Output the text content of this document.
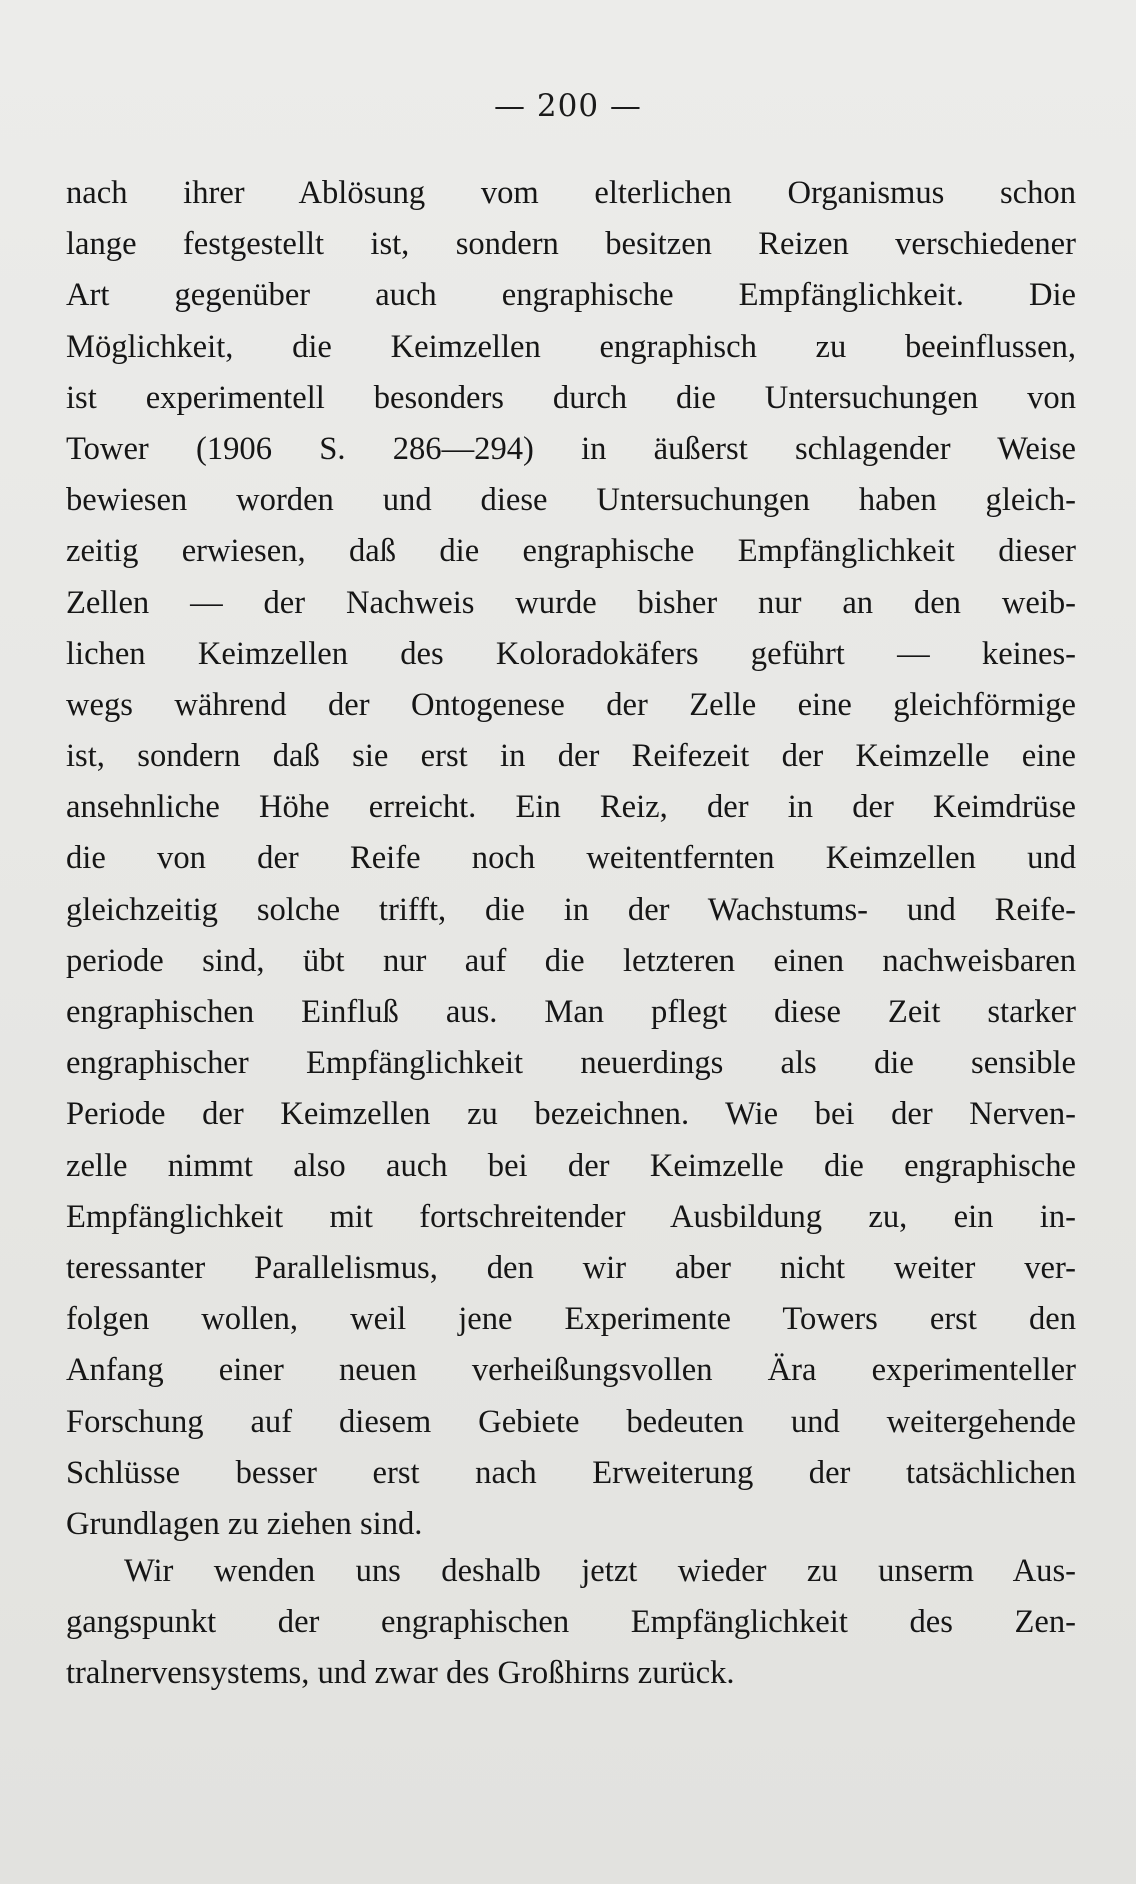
— 200 —
nach ihrer Ablösung vom elterlichen Organismus schon
lange festgestellt ist, sondern besitzen Reizen verschiedener
Art gegenüber auch engraphische Empfänglichkeit. Die
Möglichkeit, die Keimzellen engraphisch zu beeinflussen,
ist experimentell besonders durch die Untersuchungen von
Tower (1906 S. 286—294) in äußerst schlagender Weise
bewiesen worden und diese Untersuchungen haben gleich-
zeitig erwiesen, daß die engraphische Empfänglichkeit dieser
Zellen — der Nachweis wurde bisher nur an den weib-
lichen Keimzellen des Koloradokäfers geführt — keines-
wegs während der Ontogenese der Zelle eine gleichförmige
ist, sondern daß sie erst in der Reifezeit der Keimzelle eine
ansehnliche Höhe erreicht. Ein Reiz, der in der Keimdrüse
die von der Reife noch weitentfernten Keimzellen und
gleichzeitig solche trifft, die in der Wachstums- und Reife-
periode sind, übt nur auf die letzteren einen nachweisbaren
engraphischen Einfluß aus. Man pflegt diese Zeit starker
engraphischer Empfänglichkeit neuerdings als die sensible
Periode der Keimzellen zu bezeichnen. Wie bei der Nerven-
zelle nimmt also auch bei der Keimzelle die engraphische
Empfänglichkeit mit fortschreitender Ausbildung zu, ein in-
teressanter Parallelismus, den wir aber nicht weiter ver-
folgen wollen, weil jene Experimente Towers erst den
Anfang einer neuen verheißungsvollen Ära experimenteller
Forschung auf diesem Gebiete bedeuten und weitergehende
Schlüsse besser erst nach Erweiterung der tatsächlichen
Grundlagen zu ziehen sind.
Wir wenden uns deshalb jetzt wieder zu unserm Aus-
gangspunkt der engraphischen Empfänglichkeit des Zen-
tralnervensystems, und zwar des Großhirns zurück.
